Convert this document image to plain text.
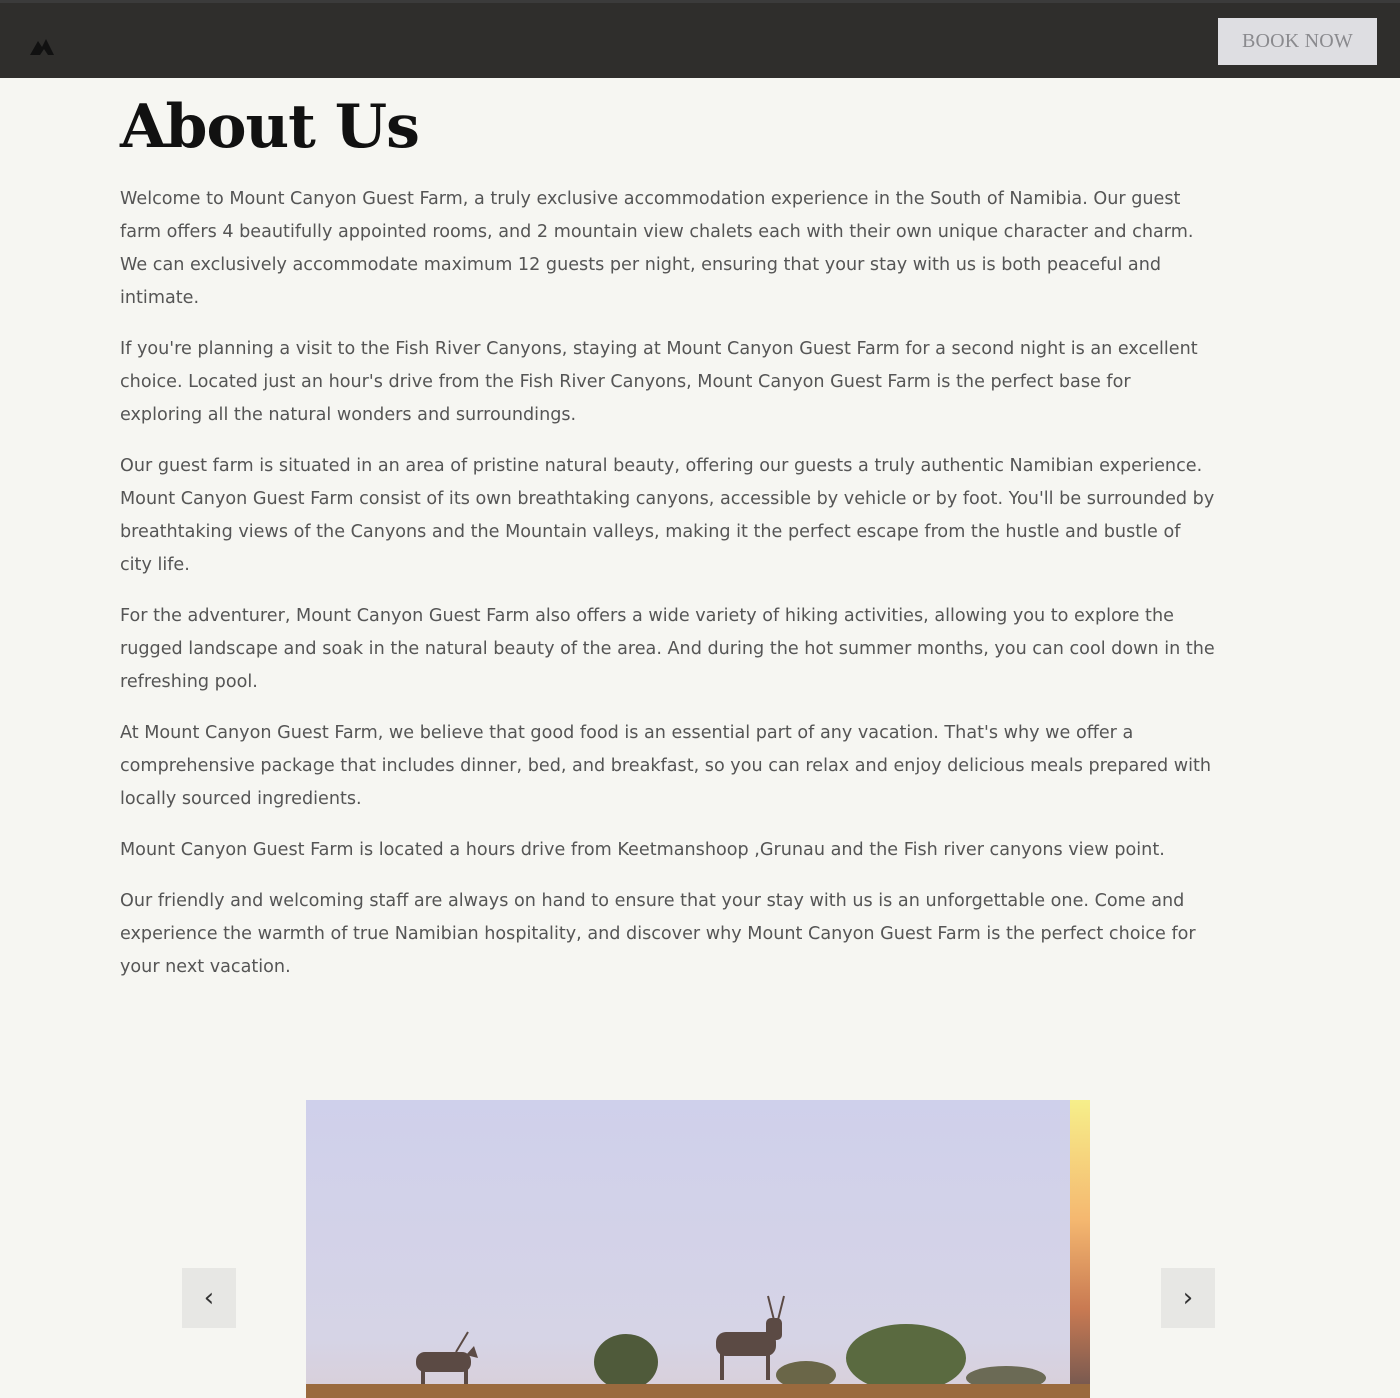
BOOK NOW
About Us

Welcome to Mount Canyon Guest Farm, a truly exclusive accommodation experience in the South of Namibia. Our guest farm offers 4 beautifully appointed rooms, and 2 mountain view chalets each with their own unique character and charm. We can exclusively accommodate maximum 12 guests per night, ensuring that your stay with us is both peaceful and intimate.

If you're planning a visit to the Fish River Canyons, staying at Mount Canyon Guest Farm for a second night is an excellent choice. Located just an hour's drive from the Fish River Canyons, Mount Canyon Guest Farm is the perfect base for exploring all the natural wonders and surroundings.

Our guest farm is situated in an area of pristine natural beauty, offering our guests a truly authentic Namibian experience. Mount Canyon Guest Farm consist of its own breathtaking canyons, accessible by vehicle or by foot. You'll be surrounded by breathtaking views of the Canyons and the Mountain valleys, making it the perfect escape from the hustle and bustle of city life.

For the adventurer, Mount Canyon Guest Farm also offers a wide variety of hiking activities, allowing you to explore the rugged landscape and soak in the natural beauty of the area. And during the hot summer months, you can cool down in the refreshing pool.

At Mount Canyon Guest Farm, we believe that good food is an essential part of any vacation. That's why we offer a comprehensive package that includes dinner, bed, and breakfast, so you can relax and enjoy delicious meals prepared with locally sourced ingredients.

Mount Canyon Guest Farm is located a hours drive from Keetmanshoop ,Grunau and the Fish river canyons view point.

Our friendly and welcoming staff are always on hand to ensure that your stay with us is an unforgettable one. Come and experience the warmth of true Namibian hospitality, and discover why Mount Canyon Guest Farm is the perfect choice for your next vacation.

‹	›
